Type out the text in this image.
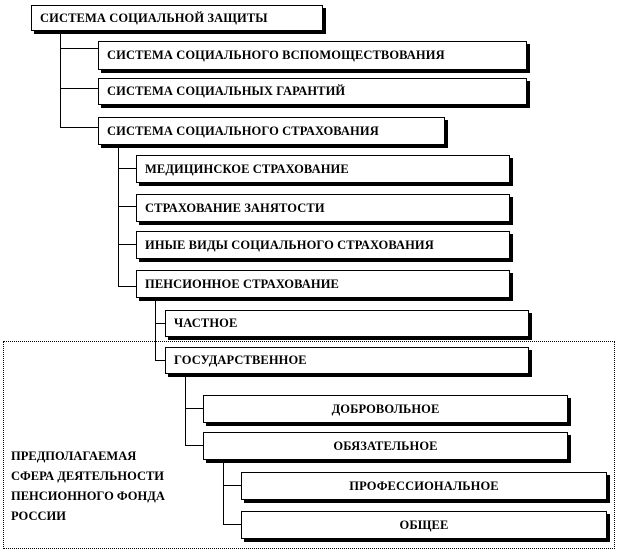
СИСТЕМА СОЦИАЛЬНОЙ ЗАЩИТЫ
СИСТЕМА СОЦИАЛЬНОГО ВСПОМОЩЕСТВОВАНИЯ
СИСТЕМА СОЦИАЛЬНЫХ ГАРАНТИЙ
СИСТЕМА СОЦИАЛЬНОГО СТРАХОВАНИЯ
МЕДИЦИНСКОЕ СТРАХОВАНИЕ
СТРАХОВАНИЕ ЗАНЯТОСТИ
ИНЫЕ ВИДЫ СОЦИАЛЬНОГО СТРАХОВАНИЯ
ПЕНСИОННОЕ СТРАХОВАНИЕ
ЧАСТНОЕ
ГОСУДАРСТВЕННОЕ
ДОБРОВОЛЬНОЕ
ОБЯЗАТЕЛЬНОЕ
ПРОФЕССИОНАЛЬНОЕ
ОБЩЕЕ
ПРЕДПОЛАГАЕМАЯ
СФЕРА ДЕЯТЕЛЬНОСТИ
ПЕНСИОННОГО ФОНДА
РОССИИ
